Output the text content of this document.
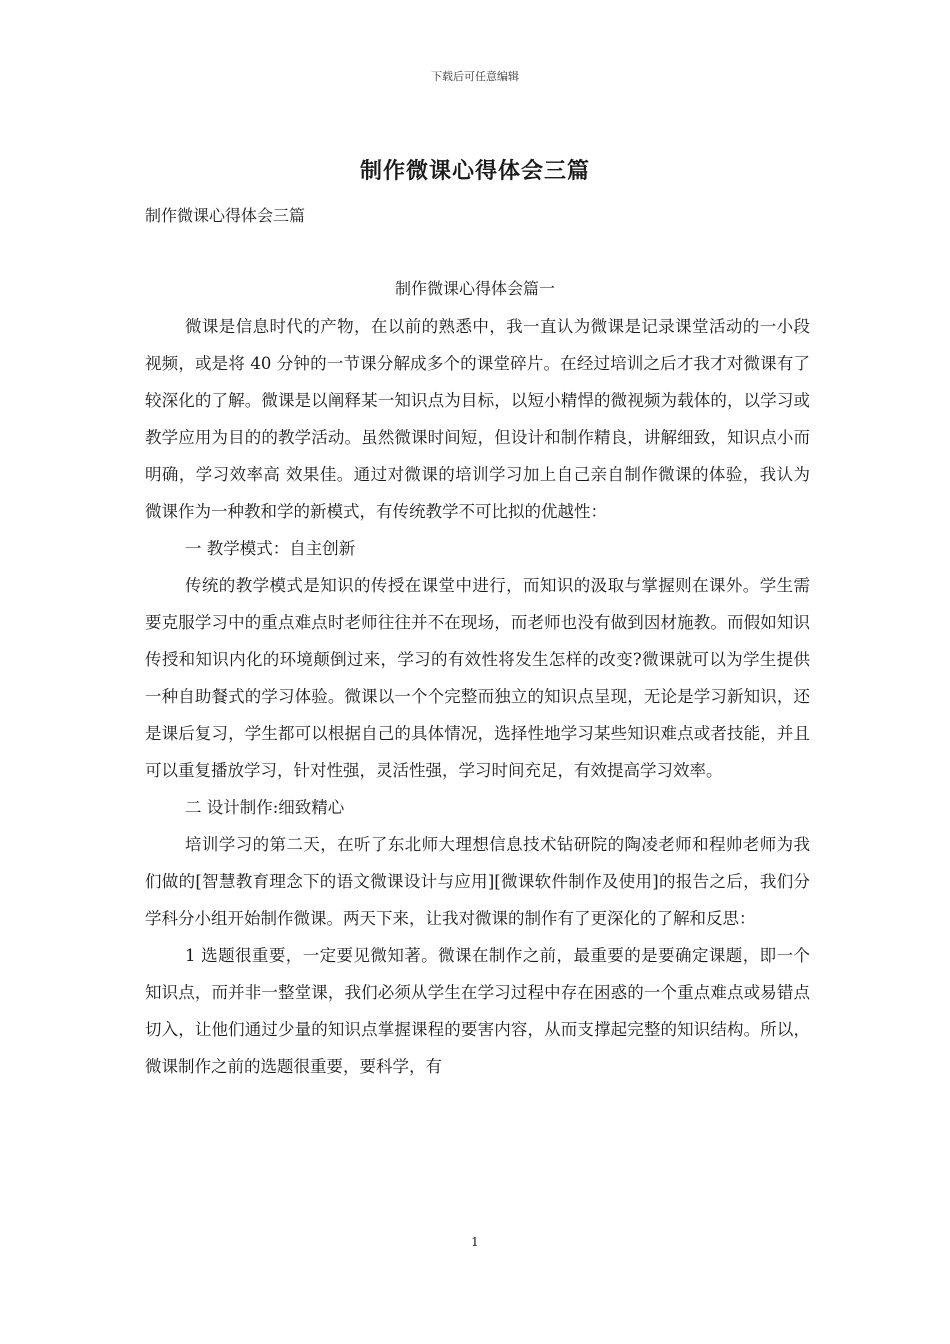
下载后可任意编辑
制作微课心得体会三篇
制作微课心得体会三篇
制作微课心得体会篇一

微课是信息时代的产物，在以前的熟悉中，我一直认为微课是记录课堂活动的一小段视频，或是将 40 分钟的一节课分解成多个的课堂碎片。在经过培训之后才我才对微课有了较深化的了解。微课是以阐释某一知识点为目标，以短小精悍的微视频为载体的，以学习或教学应用为目的的教学活动。虽然微课时间短，但设计和制作精良，讲解细致，知识点小而明确，学习效率高 效果佳。通过对微课的培训学习加上自己亲自制作微课的体验，我认为微课作为一种教和学的新模式，有传统教学不可比拟的优越性：

一 教学模式：自主创新

传统的教学模式是知识的传授在课堂中进行，而知识的汲取与掌握则在课外。学生需要克服学习中的重点难点时老师往往并不在现场，而老师也没有做到因材施教。而假如知识传授和知识内化的环境颠倒过来，学习的有效性将发生怎样的改变?微课就可以为学生提供一种自助餐式的学习体验。微课以一个个完整而独立的知识点呈现，无论是学习新知识，还是课后复习，学生都可以根据自己的具体情况，选择性地学习某些知识难点或者技能，并且可以重复播放学习，针对性强，灵活性强，学习时间充足，有效提高学习效率。

二 设计制作:细致精心

培训学习的第二天，在听了东北师大理想信息技术钻研院的陶凌老师和程帅老师为我们做的[智慧教育理念下的语文微课设计与应用][微课软件制作及使用]的报告之后，我们分学科分小组开始制作微课。两天下来，让我对微课的制作有了更深化的了解和反思：

1 选题很重要，一定要见微知著。微课在制作之前，最重要的是要确定课题，即一个知识点，而并非一整堂课，我们必须从学生在学习过程中存在困惑的一个重点难点或易错点切入，让他们通过少量的知识点掌握课程的要害内容，从而支撑起完整的知识结构。所以，微课制作之前的选题很重要，要科学，有

1
